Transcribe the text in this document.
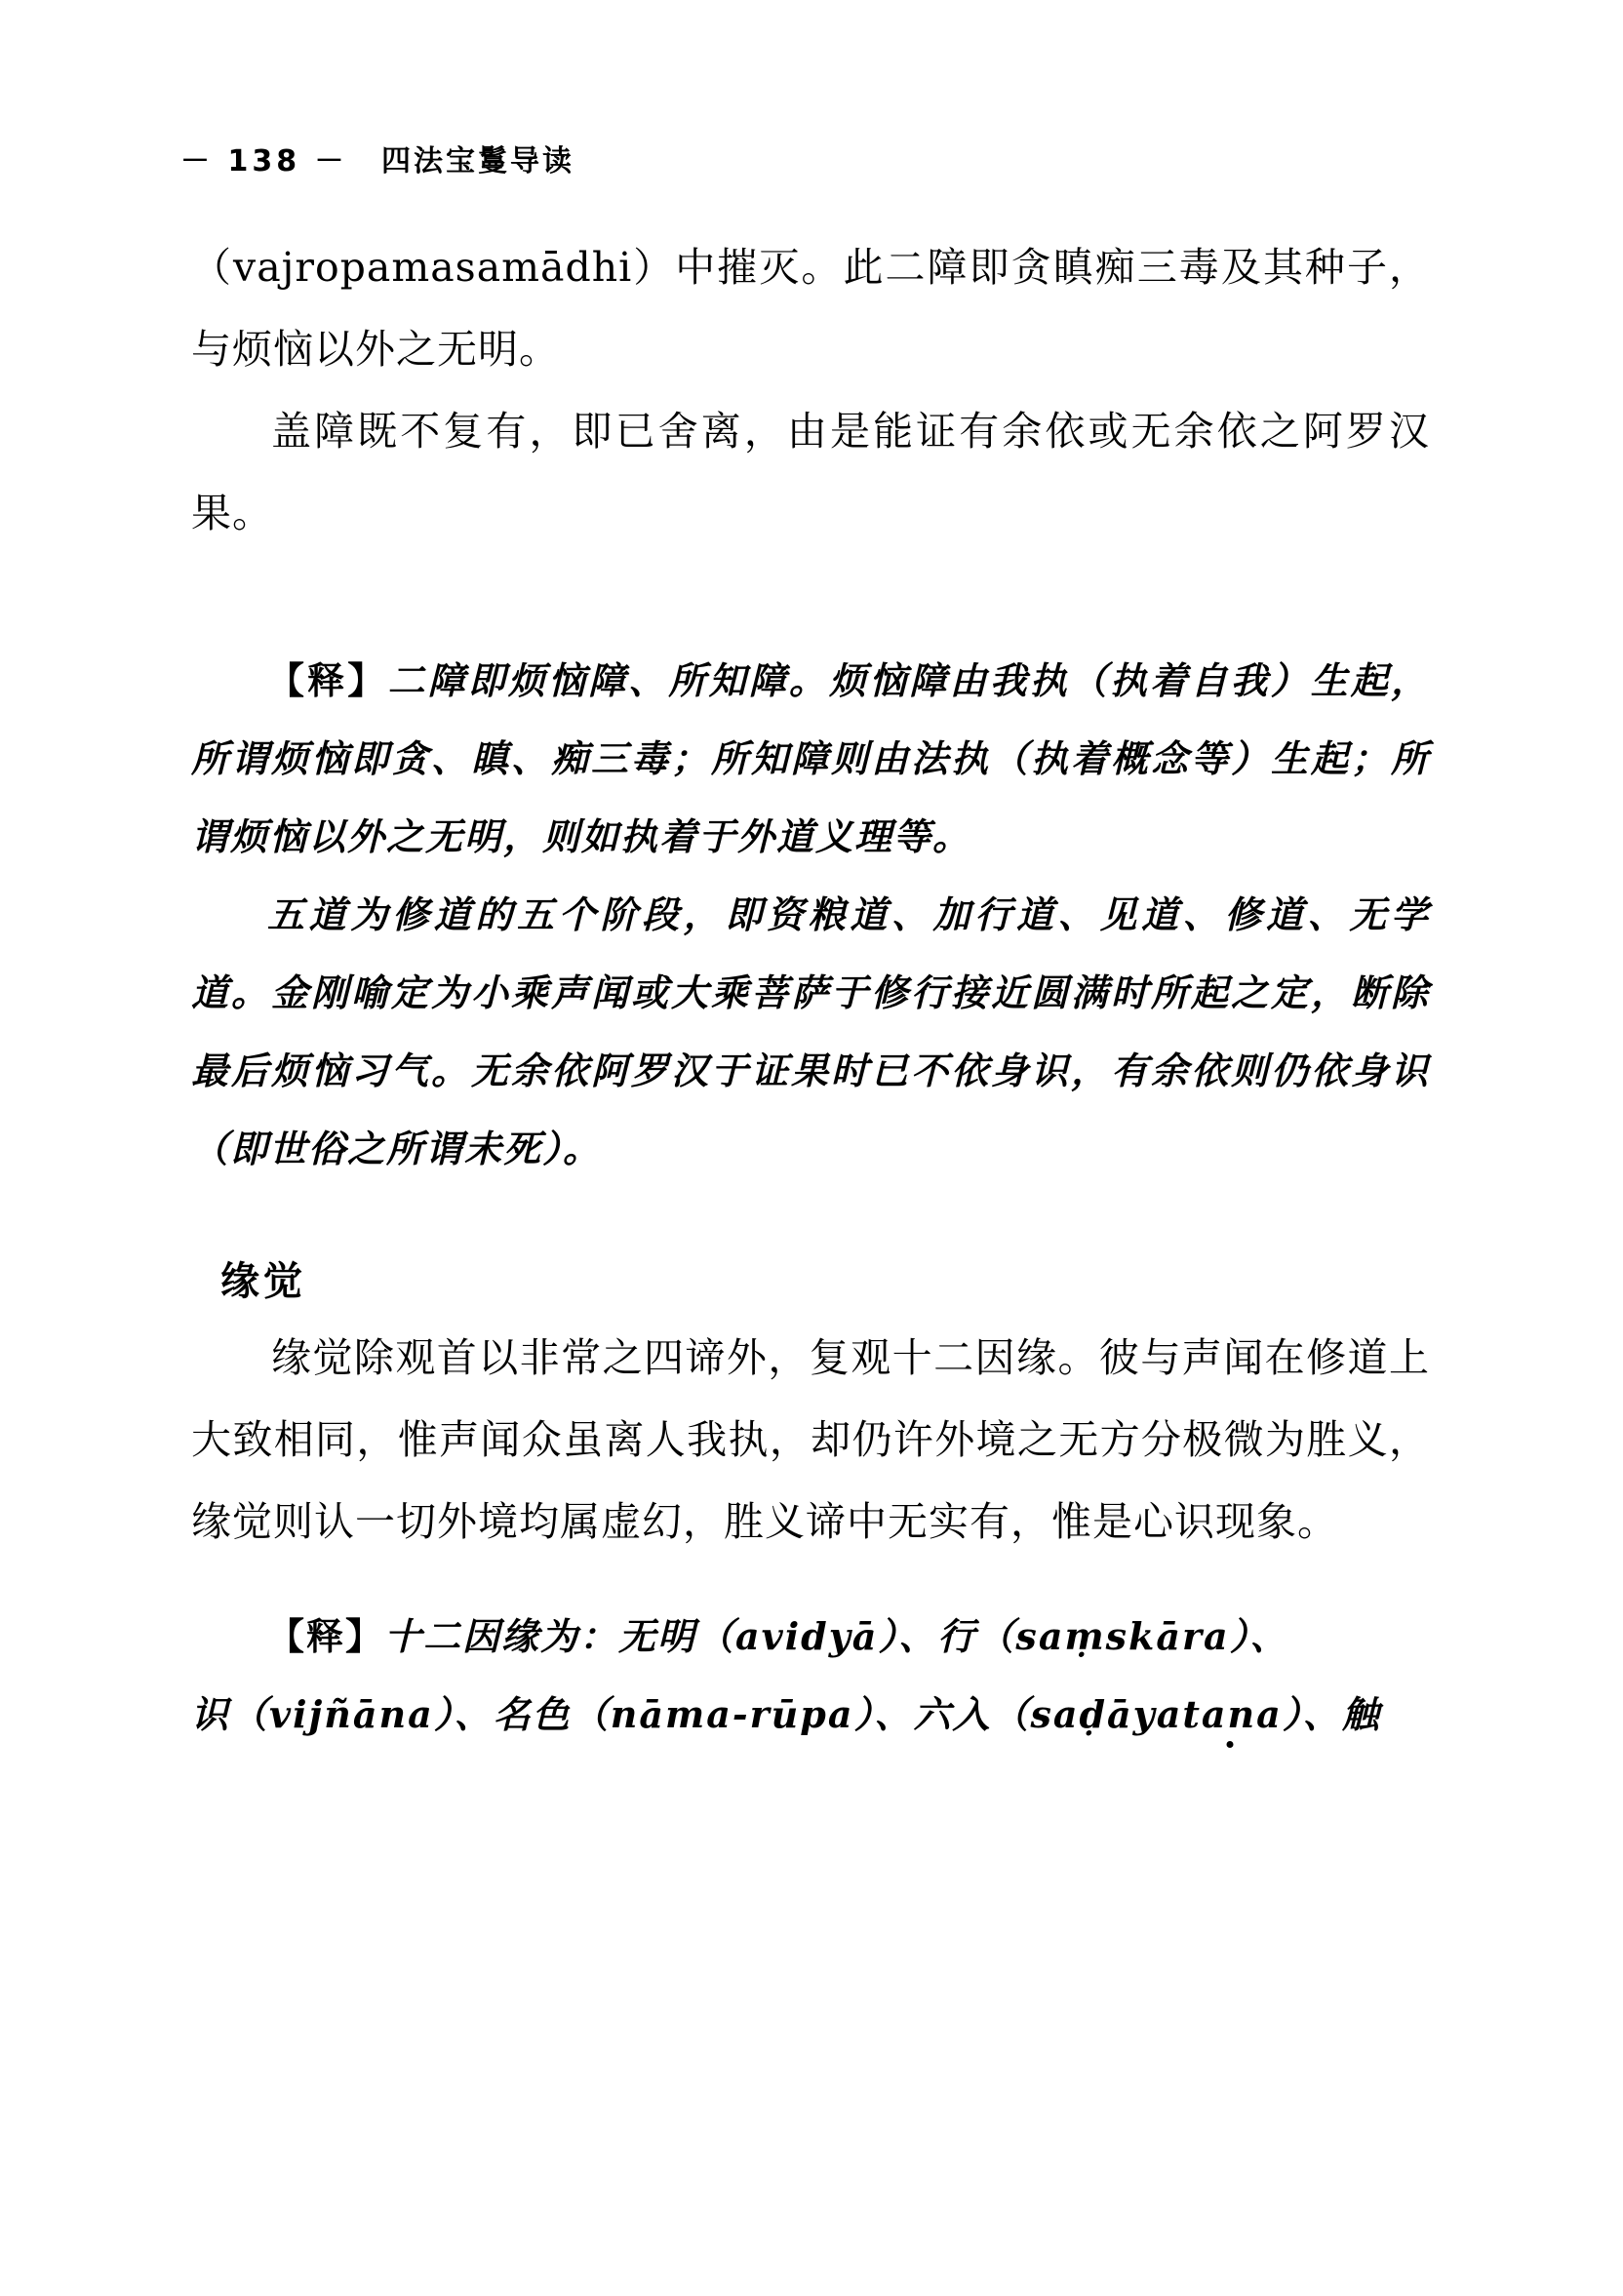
－ 138 － 四法宝鬘导读

（vajropamasamādhi）中摧灭。此二障即贪瞋痴三毒及其种子，与烦恼以外之无明。

盖障既不复有，即已舍离，由是能证有余依或无余依之阿罗汉果。

【释】二障即烦恼障、所知障。烦恼障由我执（执着自我）生起，所谓烦恼即贪、瞋、痴三毒；所知障则由法执（执着概念等）生起；所谓烦恼以外之无明，则如执着于外道义理等。

五道为修道的五个阶段，即资粮道、加行道、见道、修道、无学道。金刚喻定为小乘声闻或大乘菩萨于修行接近圆满时所起之定，断除最后烦恼习气。无余依阿罗汉于证果时已不依身识，有余依则仍依身识（即世俗之所谓未死）。

缘觉

缘觉除观首以非常之四谛外，复观十二因缘。彼与声闻在修道上大致相同，惟声闻众虽离人我执，却仍许外境之无方分极微为胜义，缘觉则认一切外境均属虚幻，胜义谛中无实有，惟是心识现象。

【释】十二因缘为：无明（avidyā）、行（saṃskāra）、

识（vijñāna）、名色（nāma-rūpa）、六入（saḍāyatana）、触
